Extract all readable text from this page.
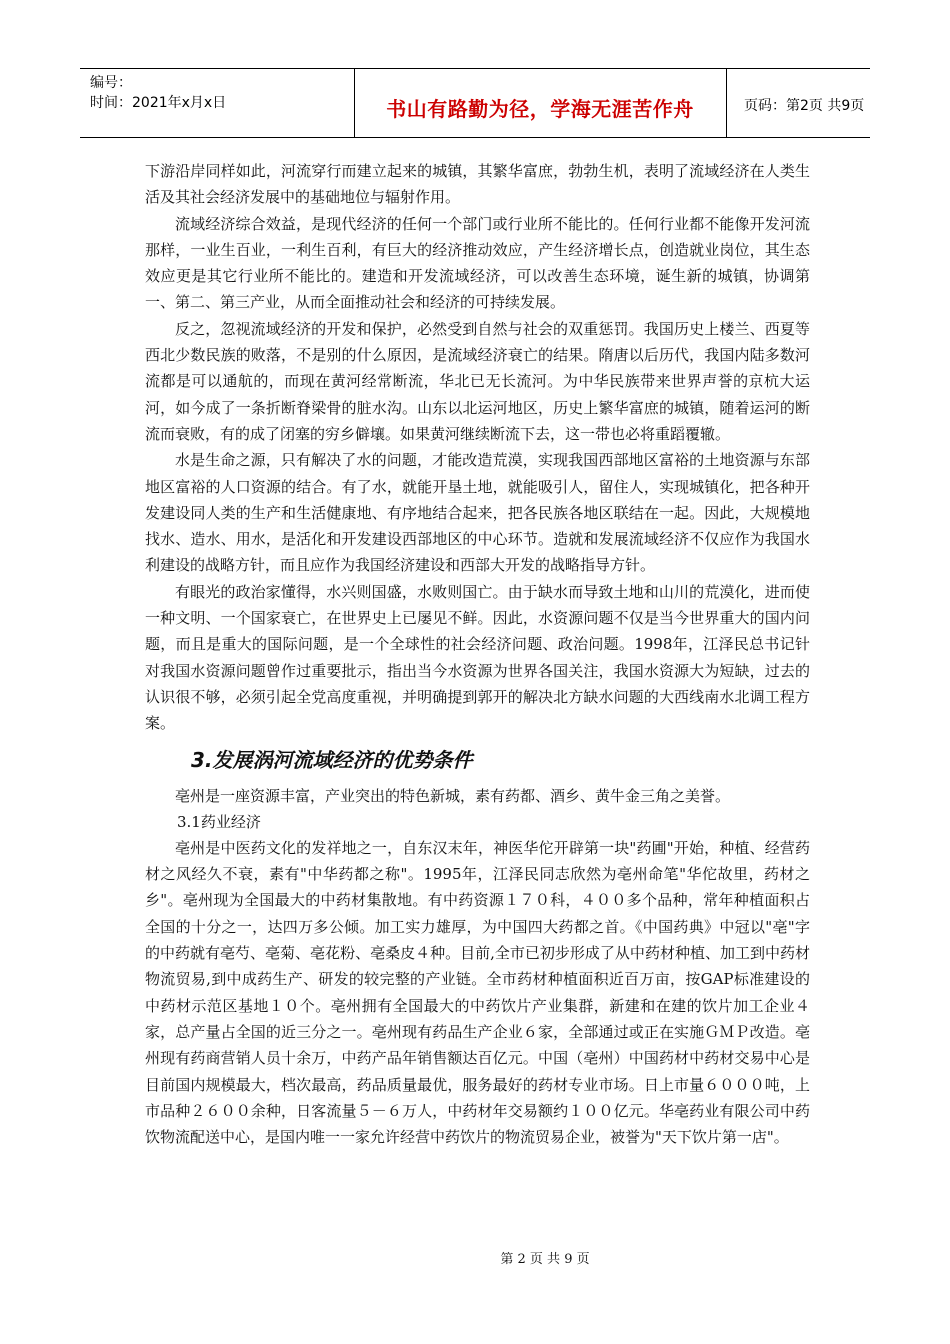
编号：
时间：2021年x月x日	书山有路勤为径，学海无涯苦作舟	页码：第2页 共9页

下游沿岸同样如此，河流穿行而建立起来的城镇，其繁华富庶，勃勃生机，表明了流域经济在人类生活及其社会经济发展中的基础地位与辐射作用。

流域经济综合效益，是现代经济的任何一个部门或行业所不能比的。任何行业都不能像开发河流那样，一业生百业，一利生百利，有巨大的经济推动效应，产生经济增长点，创造就业岗位，其生态效应更是其它行业所不能比的。建造和开发流域经济，可以改善生态环境，诞生新的城镇，协调第一、第二、第三产业，从而全面推动社会和经济的可持续发展。

反之，忽视流域经济的开发和保护，必然受到自然与社会的双重惩罚。我国历史上楼兰、西夏等西北少数民族的败落，不是别的什么原因，是流域经济衰亡的结果。隋唐以后历代，我国内陆多数河流都是可以通航的，而现在黄河经常断流，华北已无长流河。为中华民族带来世界声誉的京杭大运河，如今成了一条折断脊梁骨的脏水沟。山东以北运河地区，历史上繁华富庶的城镇，随着运河的断流而衰败，有的成了闭塞的穷乡僻壤。如果黄河继续断流下去，这一带也必将重蹈覆辙。

水是生命之源，只有解决了水的问题，才能改造荒漠，实现我国西部地区富裕的土地资源与东部地区富裕的人口资源的结合。有了水，就能开垦土地，就能吸引人，留住人，实现城镇化，把各种开发建设同人类的生产和生活健康地、有序地结合起来，把各民族各地区联结在一起。因此，大规模地找水、造水、用水，是活化和开发建设西部地区的中心环节。造就和发展流域经济不仅应作为我国水利建设的战略方针，而且应作为我国经济建设和西部大开发的战略指导方针。

有眼光的政治家懂得，水兴则国盛，水败则国亡。由于缺水而导致土地和山川的荒漠化，进而使一种文明、一个国家衰亡，在世界史上已屡见不鲜。因此，水资源问题不仅是当今世界重大的国内问题，而且是重大的国际问题，是一个全球性的社会经济问题、政治问题。1998年，江泽民总书记针对我国水资源问题曾作过重要批示，指出当今水资源为世界各国关注，我国水资源大为短缺，过去的认识很不够，必须引起全党高度重视，并明确提到郭开的解决北方缺水问题的大西线南水北调工程方案。

3.发展涡河流域经济的优势条件

亳州是一座资源丰富，产业突出的特色新城，素有药都、酒乡、黄牛金三角之美誉。

3.1药业经济

亳州是中医药文化的发祥地之一，自东汉末年，神医华佗开辟第一块"药圃"开始，种植、经营药材之风经久不衰，素有"中华药都之称"。1995年，江泽民同志欣然为亳州命笔"华佗故里，药材之乡"。亳州现为全国最大的中药材集散地。有中药资源１７０科，４００多个品种，常年种植面积占全国的十分之一，达四万多公倾。加工实力雄厚，为中国四大药都之首。《中国药典》中冠以"亳"字的中药就有亳芍、亳菊、亳花粉、亳桑皮４种。目前,全市已初步形成了从中药材种植、加工到中药材物流贸易,到中成药生产、研发的较完整的产业链。全市药材种植面积近百万亩，按GAP标准建设的中药材示范区基地１０个。亳州拥有全国最大的中药饮片产业集群，新建和在建的饮片加工企业４家，总产量占全国的近三分之一。亳州现有药品生产企业６家，全部通过或正在实施ＧＭＰ改造。亳州现有药商营销人员十余万，中药产品年销售额达百亿元。中国（亳州）中国药材中药材交易中心是目前国内规模最大，档次最高，药品质量最优，服务最好的药材专业市场。日上市量６０００吨，上市品种２６００余种，日客流量５－６万人，中药材年交易额约１００亿元。华亳药业有限公司中药饮物流配送中心，是国内唯一一家允许经营中药饮片的物流贸易企业，被誉为"天下饮片第一店"。

第 2 页 共 9 页
